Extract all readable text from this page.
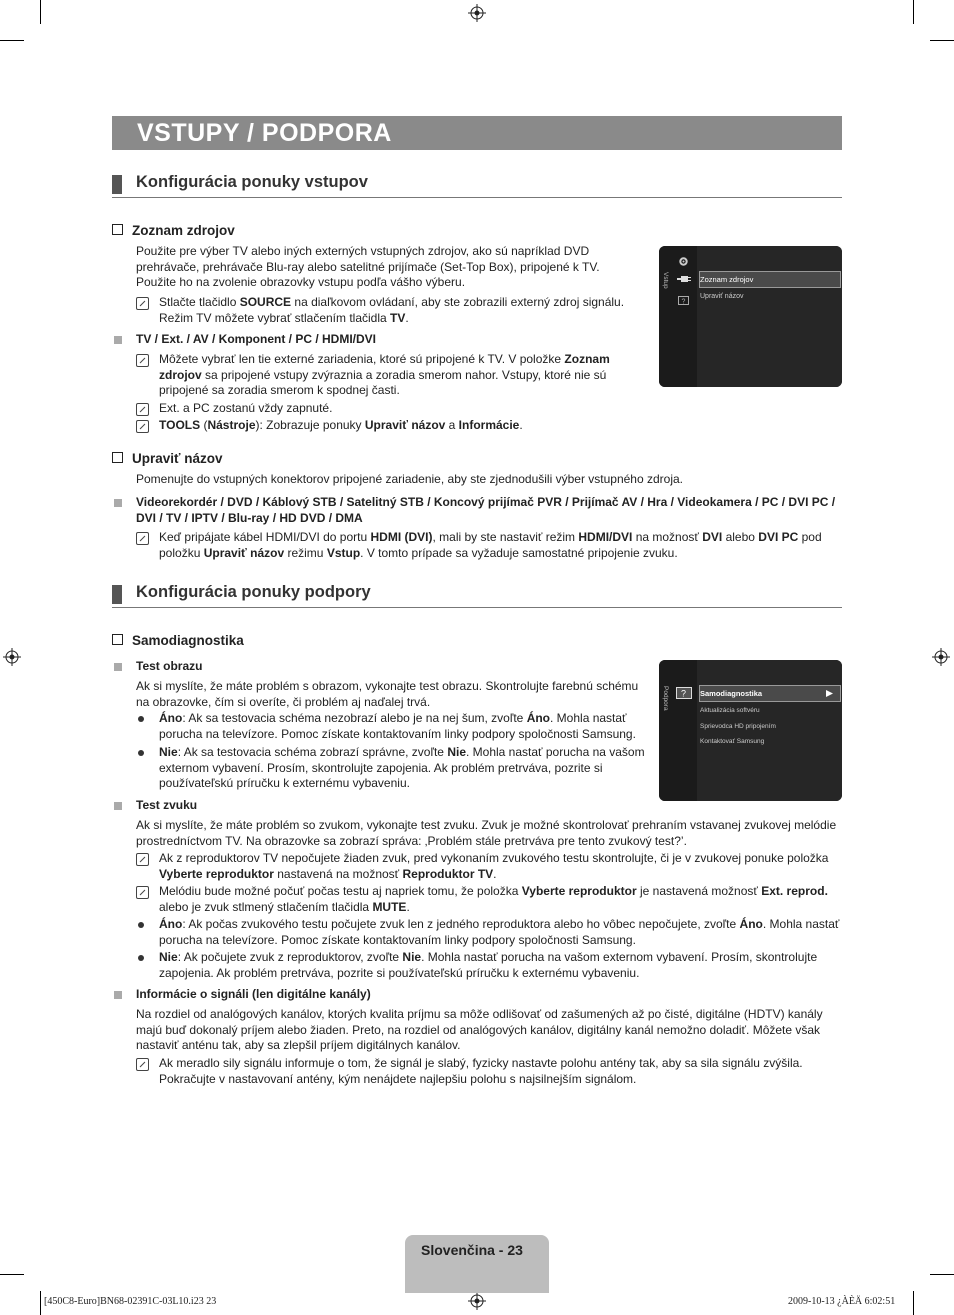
VSTUPY / PODPORA
Konfigurácia ponuky vstupov
Zoznam zdrojov
Použite pre výber TV alebo iných externých vstupných zdrojov, ako sú napríklad DVD prehrávače, prehrávače Blu-ray alebo satelitné prijímače (Set-Top Box), pripojené k TV. Použite ho na zvolenie obrazovky vstupu podľa vášho výberu.
Stlačte tlačidlo SOURCE na diaľkovom ovládaní, aby ste zobrazili externý zdroj signálu. Režim TV môžete vybrať stlačením tlačidla TV.
TV / Ext. / AV / Komponent / PC / HDMI/DVI
Môžete vybrať len tie externé zariadenia, ktoré sú pripojené k TV. V položke Zoznam zdrojov sa pripojené vstupy zvýraznia a zoradia smerom nahor. Vstupy, ktoré nie sú pripojené sa zoradia smerom k spodnej časti.
Ext. a PC zostanú vždy zapnuté.
TOOLS (Nástroje): Zobrazuje ponuky Upraviť názov a Informácie.
?
Vstup	Zoznam zdrojov
Upraviť názov
Upraviť názov
Pomenujte do vstupných konektorov pripojené zariadenie, aby ste zjednodušili výber vstupného zdroja.
Videorekordér / DVD / Káblový STB / Satelitný STB / Koncový prijímač PVR / Prijímač AV / Hra / Videokamera / PC / DVI PC / DVI / TV / IPTV / Blu-ray / HD DVD / DMA
Keď pripájate kábel HDMI/DVI do portu HDMI (DVI), mali by ste nastaviť režim HDMI/DVI na možnosť DVI alebo DVI PC pod položku Upraviť názov režimu Vstup. V tomto prípade sa vyžaduje samostatné pripojenie zvuku.
Konfigurácia ponuky podpory
Samodiagnostika
Test obrazu
Ak si myslíte, že máte problém s obrazom, vykonajte test obrazu. Skontrolujte farebnú schému na obrazovke, čím si overíte, či problém aj naďalej trvá.
Áno: Ak sa testovacia schéma nezobrazí alebo je na nej šum, zvoľte Áno. Mohla nastať porucha na televízore. Pomoc získate kontaktovaním linky podpory spoločnosti Samsung.
Nie: Ak sa testovacia schéma zobrazí správne, zvoľte Nie. Mohla nastať porucha na vašom externom vybavení. Prosím, skontrolujte zapojenia. Ak problém pretrváva, pozrite si používateľskú príručku k externému vybaveniu.
?
Podpora	Samodiagnostika
Aktualizácia softvéru
Sprievodca HD pripojením
Kontaktovať Samsung
Test zvuku
Ak si myslíte, že máte problém so zvukom, vykonajte test zvuku. Zvuk je možné skontrolovať prehraním vstavanej zvukovej melódie prostredníctvom TV. Na obrazovke sa zobrazí správa: ‚Problém stále pretrváva pre tento zvukový test?’.
Ak z reproduktorov TV nepočujete žiaden zvuk, pred vykonaním zvukového testu skontrolujte, či je v zvukovej ponuke položka Vyberte reproduktor nastavená na možnosť Reproduktor TV.
Melódiu bude možné počuť počas testu aj napriek tomu, že položka Vyberte reproduktor je nastavená možnosť Ext. reprod. alebo je zvuk stlmený stlačením tlačidla MUTE.
Áno: Ak počas zvukového testu počujete zvuk len z jedného reproduktora alebo ho vôbec nepočujete, zvoľte Áno. Mohla nastať porucha na televízore. Pomoc získate kontaktovaním linky podpory spoločnosti Samsung.
Nie: Ak počujete zvuk z reproduktorov, zvoľte Nie. Mohla nastať porucha na vašom externom vybavení. Prosím, skontrolujte zapojenia. Ak problém pretrváva, pozrite si používateľskú príručku k externému vybaveniu.
Informácie o signáli (len digitálne kanály)
Na rozdiel od analógových kanálov, ktorých kvalita príjmu sa môže odlišovať od zašumených až po čisté, digitálne (HDTV) kanály majú buď dokonalý príjem alebo žiaden. Preto, na rozdiel od analógových kanálov, digitálny kanál nemožno doladiť. Môžete však nastaviť anténu tak, aby sa zlepšil príjem digitálnych kanálov.
Ak meradlo sily signálu informuje o tom, že signál je slabý, fyzicky nastavte polohu antény tak, aby sa sila signálu zvýšila. Pokračujte v nastavovaní antény, kým nenájdete najlepšiu polohu s najsilnejším signálom.
Slovenčina - 23
[450C8-Euro]BN68-02391C-03L10.i23 23	2009-10-13 ¿ÀÈÄ 6:02:51
